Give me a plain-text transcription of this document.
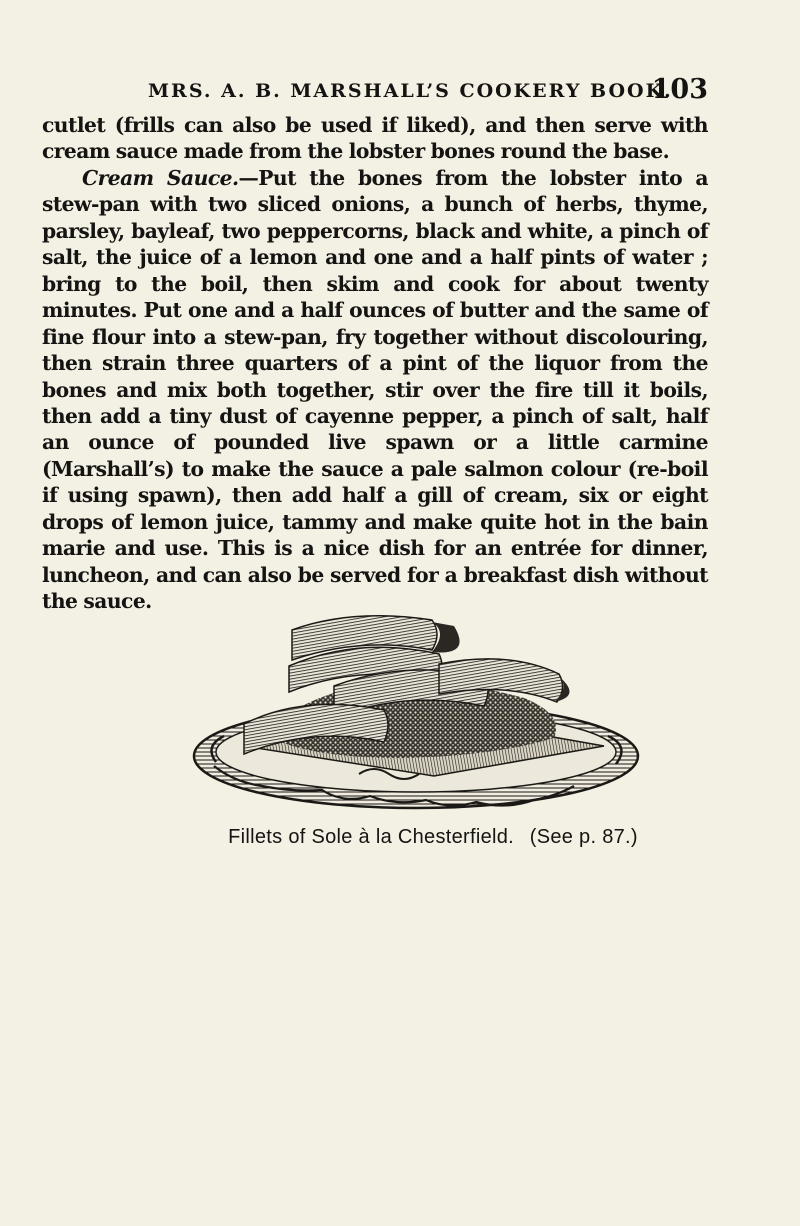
MRS. A. B. MARSHALL’S COOKERY BOOK.
103

cutlet (frills can also be used if liked), and then serve with cream sauce made from the lobster bones round the base.

Cream Sauce.—Put the bones from the lobster into a stew-pan with two sliced onions, a bunch of herbs, thyme, parsley, bayleaf, two peppercorns, black and white, a pinch of salt, the juice of a lemon and one and a half pints of water ; bring to the boil, then skim and cook for about twenty minutes. Put one and a half ounces of butter and the same of fine flour into a stew-pan, fry together without discolouring, then strain three quarters of a pint of the liquor from the bones and mix both together, stir over the fire till it boils, then add a tiny dust of cayenne pepper, a pinch of salt, half an ounce of pounded live spawn or a little carmine (Marshall’s) to make the sauce a pale salmon colour (re-boil if using spawn), then add half a gill of cream, six or eight drops of lemon juice, tammy and make quite hot in the bain marie and use. This is a nice dish for an entrée for dinner, luncheon, and can also be served for a breakfast dish without the sauce.

Fillets of Sole à la Chesterfield. (See p. 87.)
